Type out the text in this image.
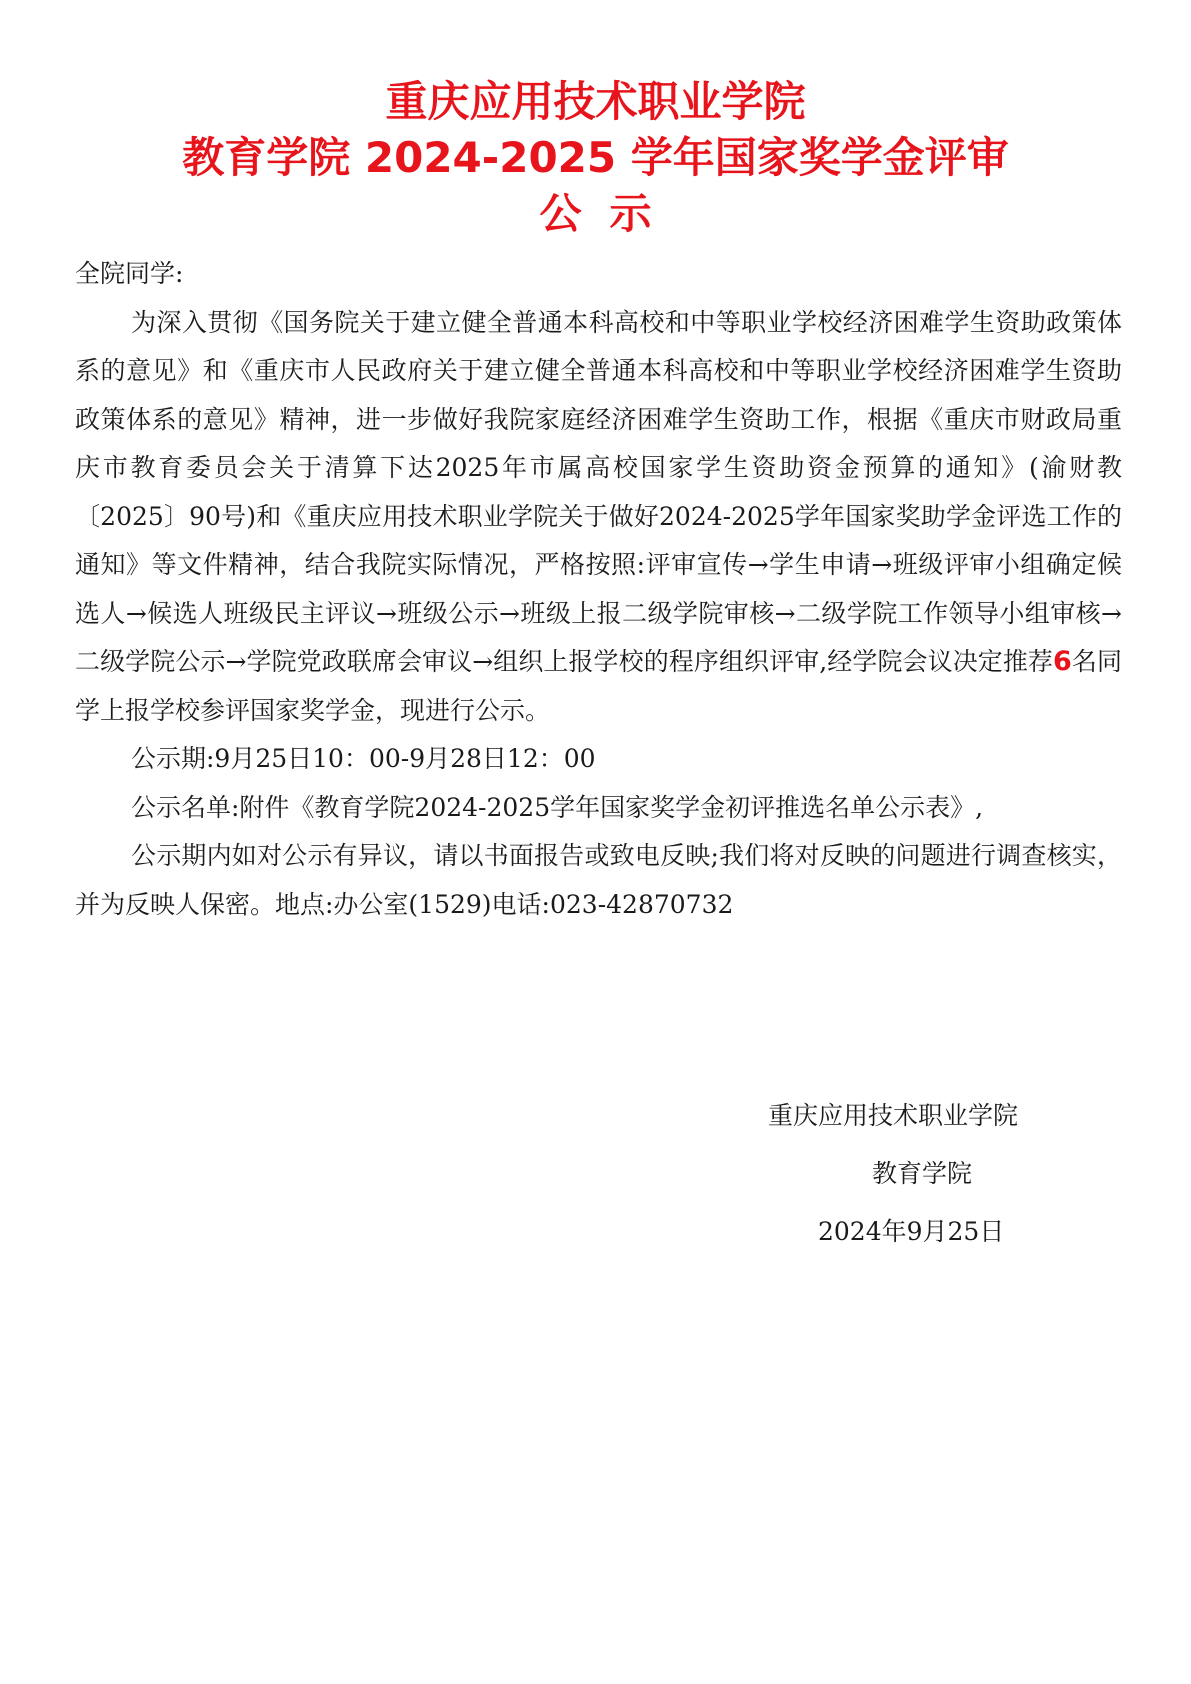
重庆应用技术职业学院
教育学院 2024-2025 学年国家奖学金评审
公示

全院同学:

为深入贯彻《国务院关于建立健全普通本科高校和中等职业学校经济困难学生资助政策体系的意见》和《重庆市人民政府关于建立健全普通本科高校和中等职业学校经济困难学生资助政策体系的意见》精神，进一步做好我院家庭经济困难学生资助工作，根据《重庆市财政局重庆市教育委员会关于清算下达2025年市属高校国家学生资助资金预算的通知》(渝财教〔2025〕90号)和《重庆应用技术职业学院关于做好2024-2025学年国家奖助学金评选工作的通知》等文件精神，结合我院实际情况，严格按照:评审宣传→学生申请→班级评审小组确定候选人→候选人班级民主评议→班级公示→班级上报二级学院审核→二级学院工作领导小组审核→二级学院公示→学院党政联席会审议→组织上报学校的程序组织评审,经学院会议决定推荐6名同学上报学校参评国家奖学金，现进行公示。

公示期:9月25日10：00-9月28日12：00

公示名单:附件《教育学院2024-2025学年国家奖学金初评推选名单公示表》,

公示期内如对公示有异议，请以书面报告或致电反映;我们将对反映的问题进行调查核实，并为反映人保密。地点:办公室(1529)电话:023-42870732

重庆应用技术职业学院
教育学院
2024年9月25日
